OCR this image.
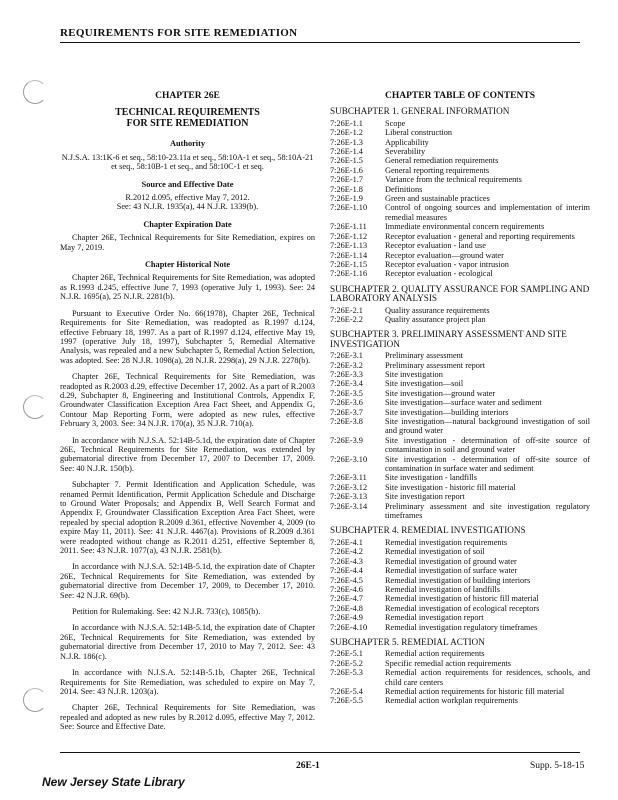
REQUIREMENTS FOR SITE REMEDIATION
CHAPTER 26E
TECHNICAL REQUIREMENTS
FOR SITE REMEDIATION
Authority
N.J.S.A. 13:1K-6 et seq., 58:10-23.11a et seq., 58:10A-1 et seq., 58:10A-21 et seq., 58:10B-1 et seq., and 58:10C-1 et seq.
Source and Effective Date
R.2012 d.095, effective May 7, 2012.
See: 43 N.J.R. 1935(a), 44 N.J.R. 1339(b).
Chapter Expiration Date

Chapter 26E, Technical Requirements for Site Remediation, expires on May 7, 2019.

Chapter Historical Note

Chapter 26E, Technical Requirements for Site Remediation, was adopted as R.1993 d.245, effective June 7, 1993 (operative July 1, 1993). See: 24 N.J.R. 1695(a), 25 N.J.R. 2281(b).

Pursuant to Executive Order No. 66(1978), Chapter 26E, Technical Requirements for Site Remediation, was readopted as R.1997 d.124, effective February 18, 1997. As a part of R.1997 d.124, effective May 19, 1997 (operative July 18, 1997), Subchapter 5, Remedial Alternative Analysis, was repealed and a new Subchapter 5, Remedial Action Selection, was adopted. See: 28 N.J.R. 1098(a), 28 N.J.R. 2298(a), 29 N.J.R. 2278(b).

Chapter 26E, Technical Requirements for Site Remediation, was readopted as R.2003 d.29, effective December 17, 2002. As a part of R.2003 d.29, Subchapter 8, Engineering and Institutional Controls, Appendix F, Groundwater Classification Exception Area Fact Sheet, and Appendix G, Contour Map Reporting Form, were adopted as new rules, effective February 3, 2003. See: 34 N.J.R. 170(a), 35 N.J.R. 710(a).

In accordance with N.J.S.A. 52:14B-5.1d, the expiration date of Chapter 26E, Technical Requirements for Site Remediation, was extended by gubernatorial directive from December 17, 2007 to December 17, 2009. See: 40 N.J.R. 150(b).

Subchapter 7. Permit Identification and Application Schedule, was renamed Permit Identification, Permit Application Schedule and Discharge to Ground Water Proposals; and Appendix B, Well Search Format and Appendix F, Groundwater Classification Exception Area Fact Sheet, were repealed by special adoption R.2009 d.361, effective November 4, 2009 (to expire May 11, 2011). See: 41 N.J.R. 4467(a). Provisions of R.2009 d.361 were readopted without change as R.2011 d.251, effective September 8, 2011. See: 43 N.J.R. 1077(a), 43 N.J.R. 2581(b).

In accordance with N.J.S.A. 52:14B-5.1d, the expiration date of Chapter 26E, Technical Requirements for Site Remediation, was extended by gubernatorial directive from December 17, 2009, to December 17, 2010. See: 42 N.J.R. 69(b).

Petition for Rulemaking. See: 42 N.J.R. 733(c), 1085(b).

In accordance with N.J.S.A. 52:14B-5.1d, the expiration date of Chapter 26E, Technical Requirements for Site Remediation, was extended by gubernatorial directive from December 17, 2010 to May 7, 2012. See: 43 N.J.R. 186(c).

In accordance with N.J.S.A. 52:14B-5.1b, Chapter 26E, Technical Requirements for Site Remediation, was scheduled to expire on May 7, 2014. See: 43 N.J.R. 1203(a).

Chapter 26E, Technical Requirements for Site Remediation, was repealed and adopted as new rules by R.2012 d.095, effective May 7, 2012. See: Source and Effective Date.

CHAPTER TABLE OF CONTENTS
SUBCHAPTER 1. GENERAL INFORMATION
7:26E-1.1	Scope
7:26E-1.2	Liberal construction
7:26E-1.3	Applicability
7:26E-1.4	Severability
7:26E-1.5	General remediation requirements
7:26E-1.6	General reporting requirements
7:26E-1.7	Variance from the technical requirements
7:26E-1.8	Definitions
7:26E-1.9	Green and sustainable practices
7:26E-1.10	Control of ongoing sources and implementation of interim remedial measures
7:26E-1.11	Immediate environmental concern requirements
7:26E-1.12	Receptor evaluation - general and reporting requirements
7:26E-1.13	Receptor evaluation - land use
7:26E-1.14	Receptor evaluation—ground water
7:26E-1.15	Receptor evaluation - vapor intrusion
7:26E-1.16	Receptor evaluation - ecological
SUBCHAPTER 2. QUALITY ASSURANCE FOR SAMPLING AND LABORATORY ANALYSIS
7:26E-2.1	Quality assurance requirements
7:26E-2.2	Quality assurance project plan
SUBCHAPTER 3. PRELIMINARY ASSESSMENT AND SITE INVESTIGATION
7:26E-3.1	Preliminary assessment
7:26E-3.2	Preliminary assessment report
7:26E-3.3	Site investigation
7:26E-3.4	Site investigation—soil
7:26E-3.5	Site investigation—ground water
7:26E-3.6	Site investigation—surface water and sediment
7:26E-3.7	Site investigation—building interiors
7:26E-3.8	Site investigation—natural background investigation of soil and ground water
7:26E-3.9	Site investigation - determination of off-site source of contamination in soil and ground water
7:26E-3.10	Site investigation - determination of off-site source of contamination in surface water and sediment
7:26E-3.11	Site investigation - landfills
7:26E-3.12	Site investigation - historic fill material
7:26E-3.13	Site investigation report
7:26E-3.14	Preliminary assessment and site investigation regulatory timeframes
SUBCHAPTER 4. REMEDIAL INVESTIGATIONS
7:26E-4.1	Remedial investigation requirements
7:26E-4.2	Remedial investigation of soil
7:26E-4.3	Remedial investigation of ground water
7:26E-4.4	Remedial investigation of surface water
7:26E-4.5	Remedial investigation of building interiors
7:26E-4.6	Remedial investigation of landfills
7:26E-4.7	Remedial investigation of historic fill material
7:26E-4.8	Remedial investigation of ecological receptors
7:26E-4.9	Remedial investigation report
7:26E-4.10	Remedial investigation regulatory timeframes
SUBCHAPTER 5. REMEDIAL ACTION
7:26E-5.1	Remedial action requirements
7:26E-5.2	Specific remedial action requirements
7:26E-5.3	Remedial action requirements for residences, schools, and child care centers
7:26E-5.4	Remedial action requirements for historic fill material
7:26E-5.5	Remedial action workplan requirements
26E-1	Supp. 5-18-15
New Jersey State Library
